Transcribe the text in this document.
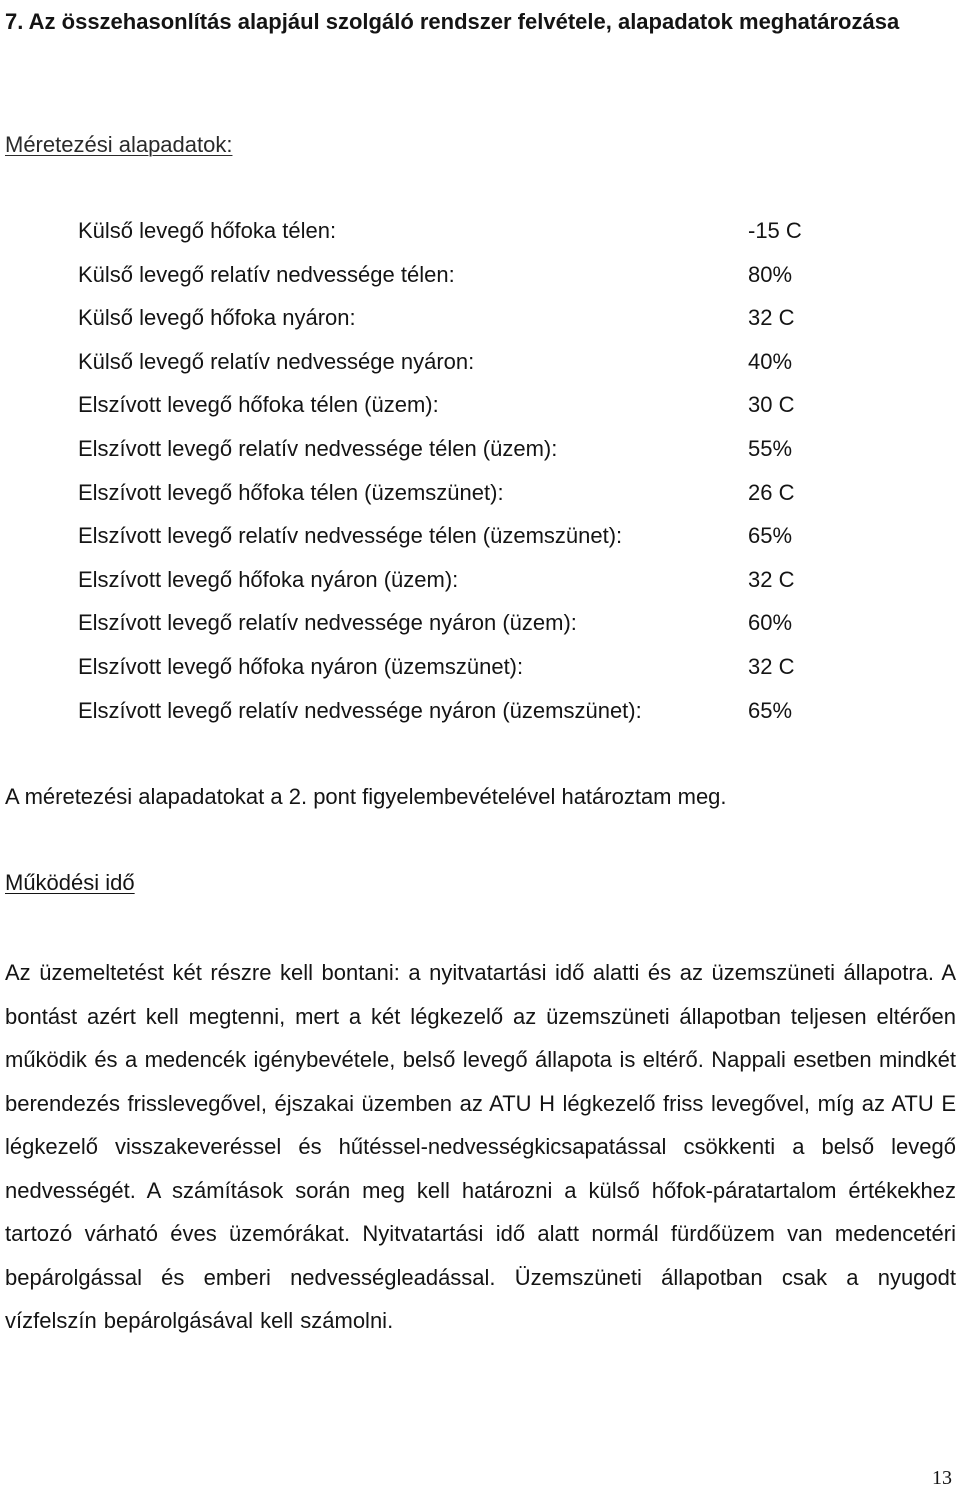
7. Az összehasonlítás alapjául szolgáló rendszer felvétele, alapadatok meghatározása

Méretezési alapadatok:

Külső levegő hőfoka télen:	-15 C
Külső levegő relatív nedvessége télen:	80%
Külső levegő hőfoka nyáron:	32 C
Külső levegő relatív nedvessége nyáron:	40%
Elszívott levegő hőfoka télen (üzem):	30 C
Elszívott levegő relatív nedvessége télen (üzem):	55%
Elszívott levegő hőfoka télen (üzemszünet):	26 C
Elszívott levegő relatív nedvessége télen (üzemszünet):	65%
Elszívott levegő hőfoka nyáron (üzem):	32 C
Elszívott levegő relatív nedvessége nyáron (üzem):	60%
Elszívott levegő hőfoka nyáron (üzemszünet):	32 C
Elszívott levegő relatív nedvessége nyáron (üzemszünet):	65%

A méretezési alapadatokat a 2. pont figyelembevételével határoztam meg.

Működési idő

Az üzemeltetést két részre kell bontani: a nyitvatartási idő alatti és az üzemszüneti állapotra. A bontást azért kell megtenni, mert a két légkezelő az üzemszüneti állapotban teljesen eltérően működik és a medencék igénybevétele, belső levegő állapota is eltérő. Nappali esetben mindkét berendezés frisslevegővel, éjszakai üzemben az ATU H légkezelő friss levegővel, míg az ATU E légkezelő visszakeveréssel és hűtéssel-nedvességkicsapatással csökkenti a belső levegő nedvességét. A számítások során meg kell határozni a külső hőfok-páratartalom értékekhez tartozó várható éves üzemórákat. Nyitvatartási idő alatt normál fürdőüzem van medencetéri bepárolgással és emberi nedvességleadással. Üzemszüneti állapotban csak a nyugodt vízfelszín bepárolgásával kell számolni.

13
